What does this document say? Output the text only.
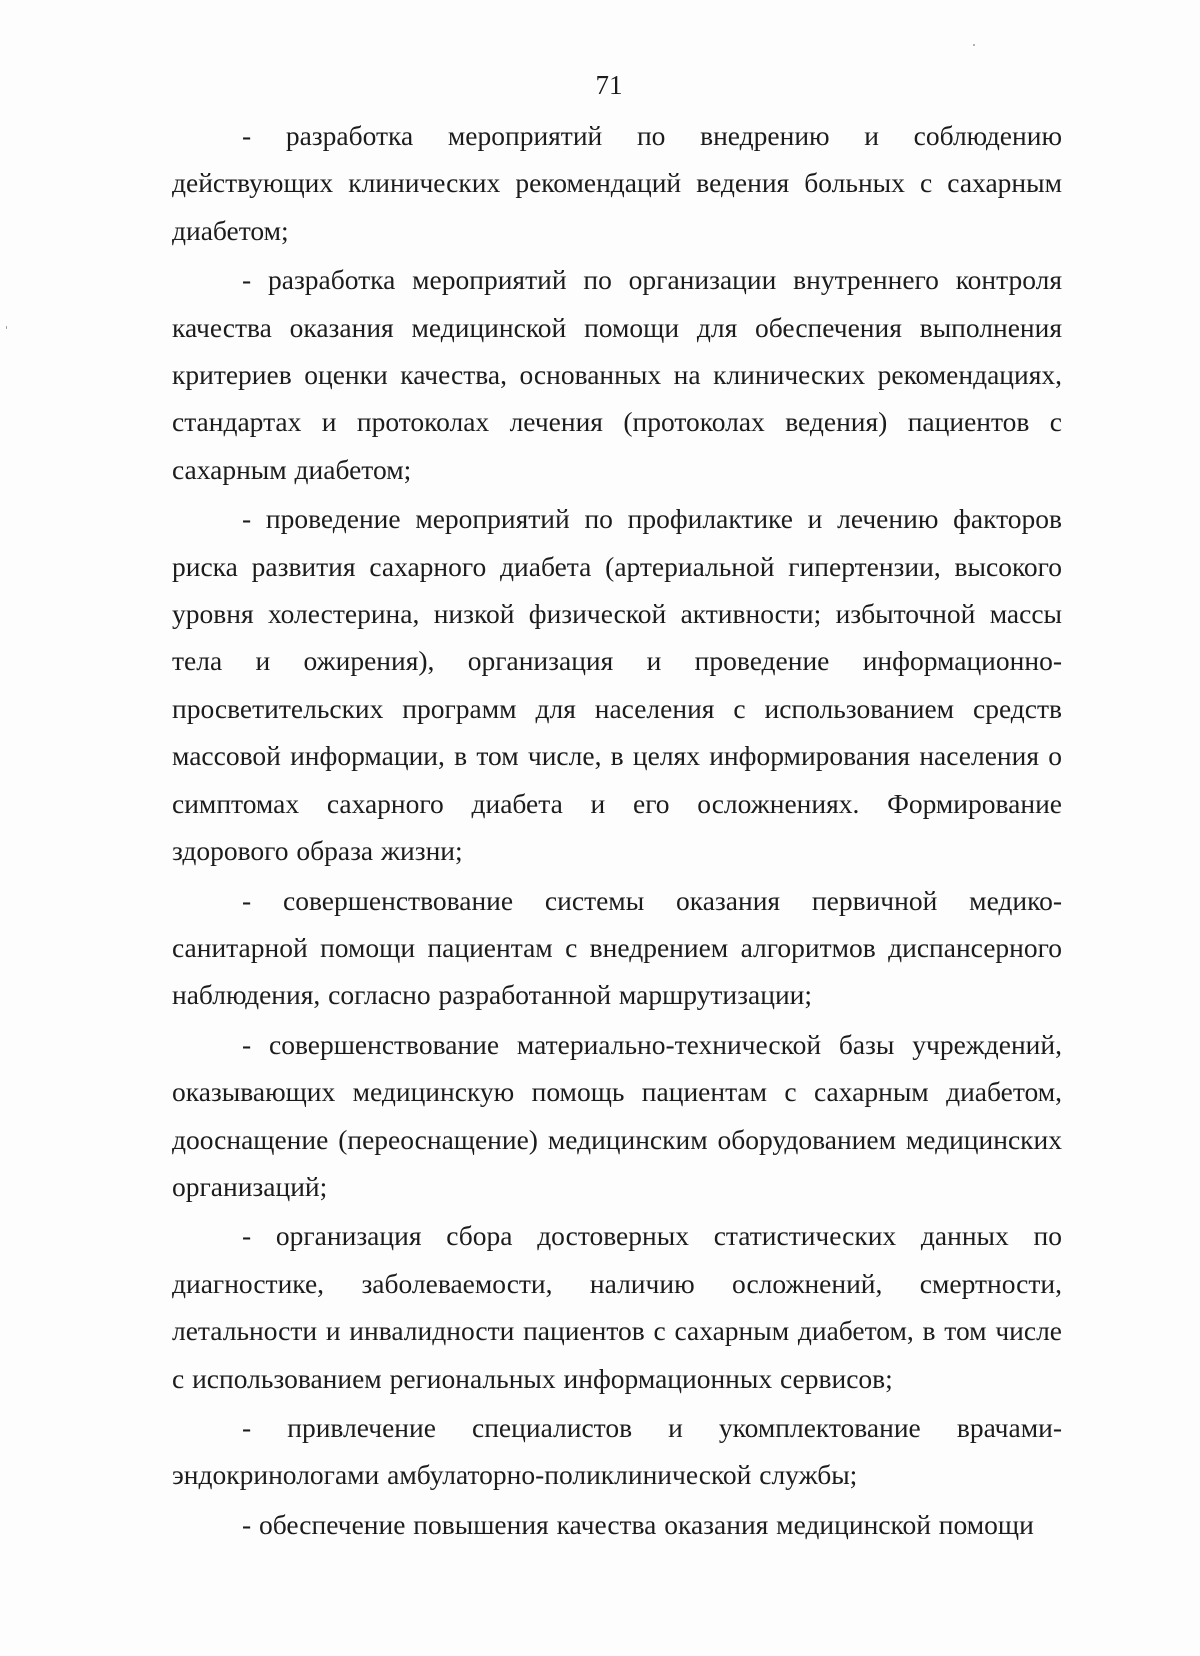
71

- разработка мероприятий по внедрению и соблюдению действующих клинических рекомендаций ведения больных с сахарным диабетом;

- разработка мероприятий по организации внутреннего контроля качества оказания медицинской помощи для обеспечения выполнения критериев оценки качества, основанных на клинических рекомендациях, стандартах и протоколах лечения (протоколах ведения) пациентов с сахарным диабетом;

- проведение мероприятий по профилактике и лечению факторов риска развития сахарного диабета (артериальной гипертензии, высокого уровня холестерина, низкой физической активности; избыточной массы тела и ожирения), организация и проведение информационно-просветительских программ для населения с использованием средств массовой информации, в том числе, в целях информирования населения о симптомах сахарного диабета и его осложнениях. Формирование здорового образа жизни;

- совершенствование системы оказания первичной медико-санитарной помощи пациентам с внедрением алгоритмов диспансерного наблюдения, согласно разработанной маршрутизации;

- совершенствование материально-технической базы учреждений, оказывающих медицинскую помощь пациентам с сахарным диабетом, дооснащение (переоснащение) медицинским оборудованием медицинских организаций;

- организация сбора достоверных статистических данных по диагностике, заболеваемости, наличию осложнений, смертности, летальности и инвалидности пациентов с сахарным диабетом, в том числе с использованием региональных информационных сервисов;

- привлечение специалистов и укомплектование врачами-эндокринологами амбулаторно-поликлинической службы;

- обеспечение повышения качества оказания медицинской помощи
